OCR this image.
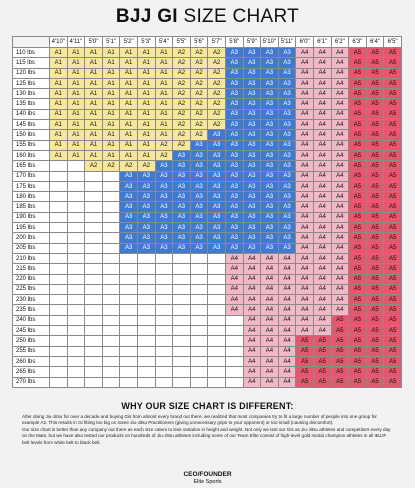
BJJ GI SIZE CHART
	4'10"	4'11"	5'0"	5'1"	5'2"	5'3"	5'4"	5'5"	5'6"	5'7"	5'8"	5'9"	5'10"	5'11"	6'0"	6'1"	6'2"	6'3"	6'4"	6'5"
110 lbs	A1	A1	A1	A1	A1	A1	A1	A2	A2	A2	A3	A3	A3	A3	A4	A4	A4	A5	A5	A5
115 lbs	A1	A1	A1	A1	A1	A1	A1	A2	A2	A2	A3	A3	A3	A3	A4	A4	A4	A5	A5	A5
120 lbs	A1	A1	A1	A1	A1	A1	A1	A2	A2	A2	A3	A3	A3	A3	A4	A4	A4	A5	A5	A5
125 lbs	A1	A1	A1	A1	A1	A1	A1	A2	A2	A2	A3	A3	A3	A3	A4	A4	A4	A5	A5	A5
130 lbs	A1	A1	A1	A1	A1	A1	A1	A2	A2	A2	A3	A3	A3	A3	A4	A4	A4	A5	A5	A5
135 lbs	A1	A1	A1	A1	A1	A1	A1	A2	A2	A2	A3	A3	A3	A3	A4	A4	A4	A5	A5	A5
140 lbs	A1	A1	A1	A1	A1	A1	A1	A2	A2	A2	A3	A3	A3	A3	A4	A4	A4	A5	A5	A5
145 lbs	A1	A1	A1	A1	A1	A1	A1	A2	A2	A2	A3	A3	A3	A3	A4	A4	A4	A5	A5	A5
150 lbs	A1	A1	A1	A1	A1	A1	A1	A2	A2	A3	A3	A3	A3	A3	A4	A4	A4	A5	A5	A5
155 lbs	A1	A1	A1	A1	A1	A1	A2	A2	A3	A3	A3	A3	A3	A3	A4	A4	A4	A5	A5	A5
160 lbs	A1	A1	A1	A1	A1	A1	A2	A3	A3	A3	A3	A3	A3	A3	A4	A4	A4	A5	A5	A5
165 lbs			A2	A2	A2	A2	A3	A3	A3	A3	A3	A3	A3	A3	A4	A4	A4	A5	A5	A5
170 lbs					A3	A3	A3	A3	A3	A3	A3	A3	A3	A3	A4	A4	A4	A5	A5	A5
175 lbs					A3	A3	A3	A3	A3	A3	A3	A3	A3	A3	A4	A4	A4	A5	A5	A5
180 lbs					A3	A3	A3	A3	A3	A3	A3	A3	A3	A3	A4	A4	A4	A5	A5	A5
185 lbs					A3	A3	A3	A3	A3	A3	A3	A3	A3	A3	A4	A4	A4	A5	A5	A5
190 lbs					A3	A3	A3	A3	A3	A3	A3	A3	A3	A3	A4	A4	A4	A5	A5	A5
195 lbs					A3	A3	A3	A3	A3	A3	A3	A3	A3	A3	A4	A4	A4	A5	A5	A5
200 lbs					A3	A3	A3	A3	A3	A3	A3	A3	A3	A3	A4	A4	A4	A5	A5	A5
205 lbs					A3	A3	A3	A3	A3	A3	A3	A3	A3	A3	A4	A4	A4	A5	A5	A5
210 lbs											A4	A4	A4	A4	A4	A4	A4	A5	A5	A5
215 lbs											A4	A4	A4	A4	A4	A4	A4	A5	A5	A5
220 lbs											A4	A4	A4	A4	A4	A4	A4	A5	A5	A5
225 lbs											A4	A4	A4	A4	A4	A4	A4	A5	A5	A5
230 lbs											A4	A4	A4	A4	A4	A4	A4	A5	A5	A5
235 lbs											A4	A4	A4	A4	A4	A4	A4	A5	A5	A5
240 lbs												A4	A4	A4	A4	A4	A5	A5	A5	A5
245 lbs												A4	A4	A4	A4	A4	A5	A5	A5	A5
250 lbs												A4	A4	A4	A5	A5	A5	A5	A5	A5
255 lbs												A4	A4	A4	A5	A5	A5	A5	A5	A5
260 lbs												A4	A4	A4	A5	A5	A5	A5	A5	A5
265 lbs												A4	A4	A4	A5	A5	A5	A5	A5	A5
270 lbs												A4	A4	A4	A5	A5	A5	A5	A5	A5
WHY OUR SIZE CHART IS DIFFERENT:

After doing Jiu-Jitsu for over a decade and buying Gis from almost every brand out there, we realized that most companies try to fit a large number of people into one group for example A2. This results in Gi fitting too big on some Jiu-Jitsu Practitioners (giving unnecessary grips to your opponent) or too small (causing discomfort).

Our size chart is better than any company out there as each size caters to less variation in height and weight. Not only we test our Gis as Jiu-Jitsu athletes and competitors every day on the Mats, but we have also tested our products on hundreds of Jiu-Jitsu athletes including some of our Team Elite consist of high-level gold medal champion athletes in all IBJJF belt levels from white belt to black belt.

CEO/FOUNDER
Elite Sports
